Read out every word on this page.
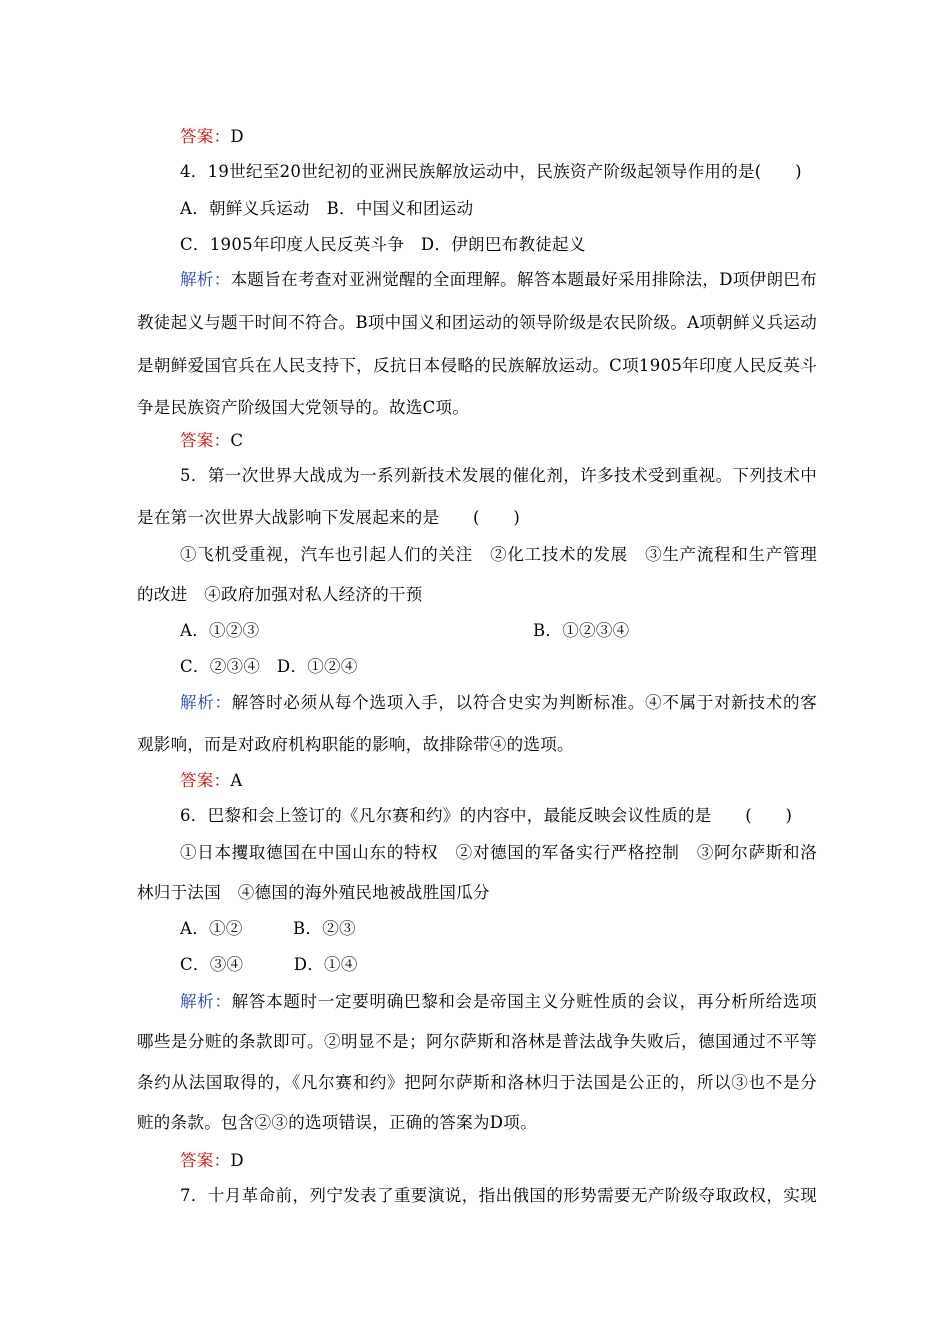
答案：D
4．19世纪至20世纪初的亚洲民族解放运动中，民族资产阶级起领导作用的是(　　)
A．朝鲜义兵运动　B．中国义和团运动
C．1905年印度人民反英斗争　D．伊朗巴布教徒起义
解析：本题旨在考查对亚洲觉醒的全面理解。解答本题最好采用排除法，D项伊朗巴布
教徒起义与题干时间不符合。B项中国义和团运动的领导阶级是农民阶级。A项朝鲜义兵运动
是朝鲜爱国官兵在人民支持下，反抗日本侵略的民族解放运动。C项1905年印度人民反英斗
争是民族资产阶级国大党领导的。故选C项。
答案：C
5．第一次世界大战成为一系列新技术发展的催化剂，许多技术受到重视。下列技术中
是在第一次世界大战影响下发展起来的是　　(　　)
①飞机受重视，汽车也引起人们的关注　②化工技术的发展　③生产流程和生产管理
的改进　④政府加强对私人经济的干预
A．①②③	B．①②③④
C．②③④　D．①②④
解析：解答时必须从每个选项入手，以符合史实为判断标准。④不属于对新技术的客
观影响，而是对政府机构职能的影响，故排除带④的选项。
答案：A
6．巴黎和会上签订的《凡尔赛和约》的内容中，最能反映会议性质的是　　(　　)
①日本攫取德国在中国山东的特权　②对德国的军备实行严格控制　③阿尔萨斯和洛
林归于法国　④德国的海外殖民地被战胜国瓜分
A．①②　　　B．②③
C．③④　　　D．①④
解析：解答本题时一定要明确巴黎和会是帝国主义分赃性质的会议，再分析所给选项
哪些是分赃的条款即可。②明显不是；阿尔萨斯和洛林是普法战争失败后，德国通过不平等
条约从法国取得的，《凡尔赛和约》把阿尔萨斯和洛林归于法国是公正的，所以③也不是分
赃的条款。包含②③的选项错误，正确的答案为D项。
答案：D
7．十月革命前，列宁发表了重要演说，指出俄国的形势需要无产阶级夺取政权，实现
